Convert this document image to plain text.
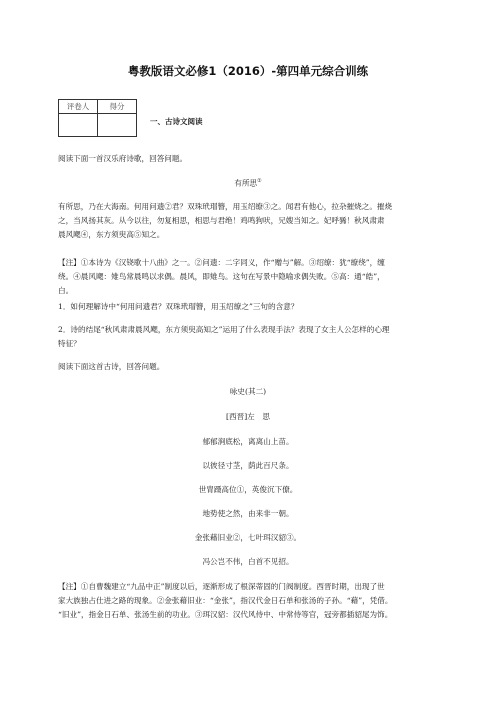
粤教版语文必修1（2016）-第四单元综合训练
评卷人	得分

一、古诗文阅读

阅读下面一首汉乐府诗歌，回答问题。

有所思①

有所思，乃在大海南。何用问遗②君？双珠玳瑁簪，用玉绍缭③之。闻君有他心，拉杂摧烧之。摧烧

之，当风扬其灰。从今以往，勿复相思，相思与君绝！鸡鸣狗吠，兄嫂当知之。妃呼豨！秋风肃肃

晨风飔④，东方须臾高⑤知之。

【注】①本诗为《汉铙歌十八曲》之一。②问遗：二字同义，作“赠与”解。③绍缭：犹“缭绕”，缠

绕。④晨风飔：雉鸟常晨鸣以求偶。晨风，即雉鸟。这句在写景中隐喻求偶失败。⑤高：通“皓”，

白。

1．如何理解诗中“何用问遗君？双珠玳瑁簪，用玉绍缭之”三句的含意？

2．诗的结尾“秋风肃肃晨风飔，东方须臾高知之”运用了什么表现手法？表现了女主人公怎样的心理

特征？

阅读下面这首古诗，回答问题。

咏史(其二)
[西晋]左　思
郁郁涧底松，离离山上苗。
以彼径寸茎，荫此百尺条。
世胄蹑高位①，英俊沉下僚。
地势使之然，由来非一朝。
金张藉旧业②，七叶珥汉貂③。
冯公岂不伟，白首不见招。

【注】①自曹魏建立“九品中正”制度以后，逐渐形成了根深蒂固的门阀制度。西晋时期，出现了世

家大族独占仕进之路的现象。②金张藉旧业：“金张”，指汉代金日石单和张汤的子孙。“藉”，凭借。

“旧业”，指金日石单、张汤生前的功业。③珥汉貂：汉代风侍中、中常侍等官，冠旁都插貂尾为饰。
